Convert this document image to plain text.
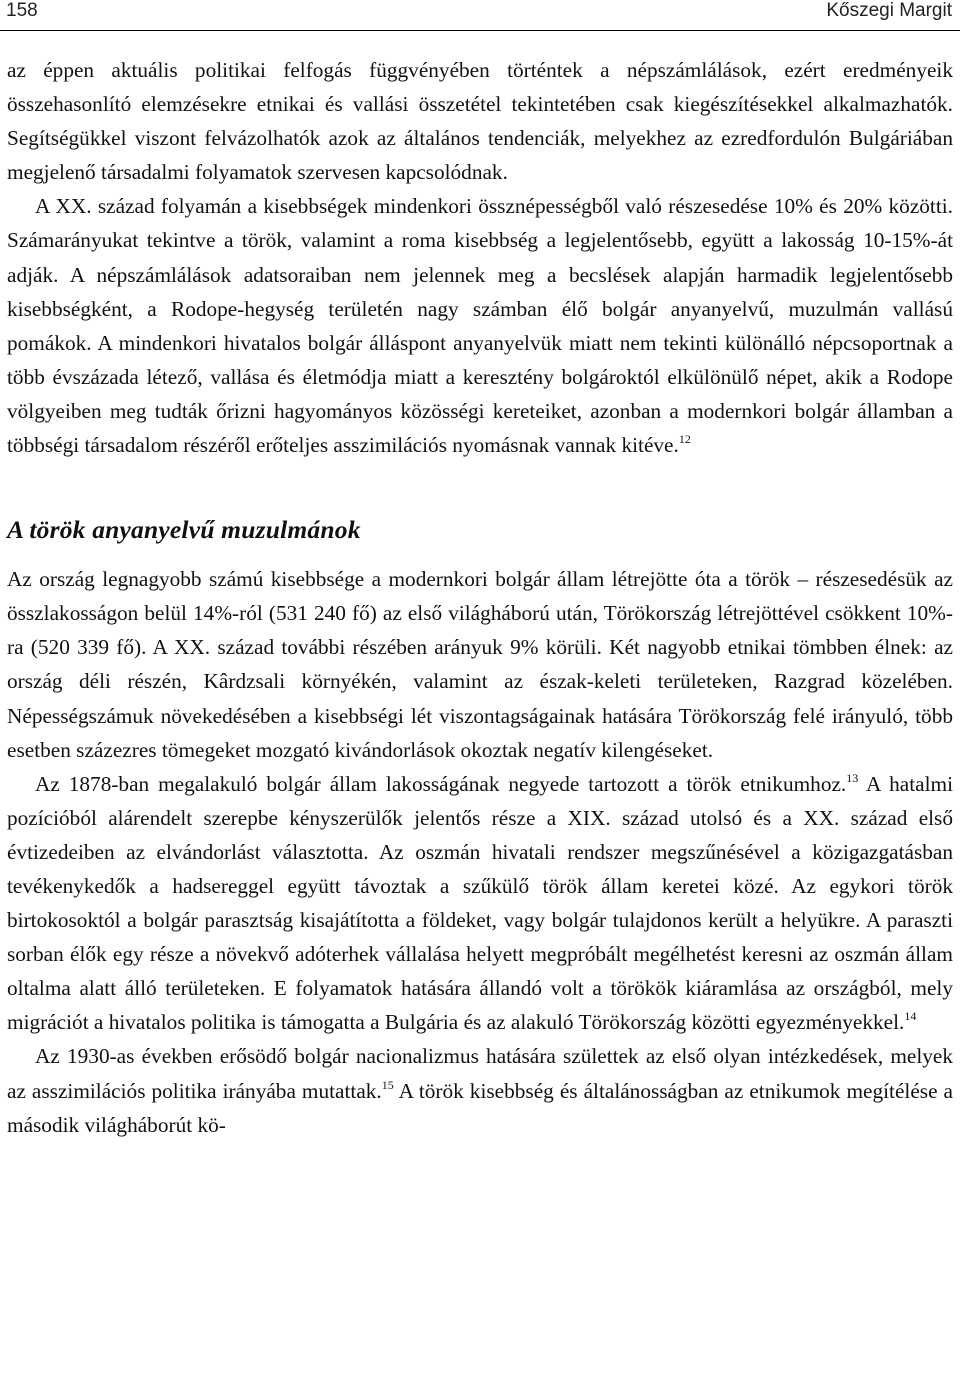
158	Kőszegi Margit

az éppen aktuális politikai felfogás függvényében történtek a népszámlálások, ezért eredményeik összehasonlító elemzésekre etnikai és vallási összetétel tekintetében csak kiegészítésekkel alkalmazhatók. Segítségükkel viszont felvázolhatók azok az általános tendenciák, melyekhez az ezredfordulón Bulgáriában megjelenő társadalmi folyamatok szervesen kapcsolódnak.

A XX. század folyamán a kisebbségek mindenkori össznépességből való részesedése 10% és 20% közötti. Számarányukat tekintve a török, valamint a roma kisebbség a legjelentősebb, együtt a lakosság 10-15%-át adják. A népszámlálások adatsoraiban nem jelennek meg a becslések alapján harmadik legjelentősebb kisebbségként, a Rodope-hegység területén nagy számban élő bolgár anyanyelvű, muzulmán vallású pomákok. A mindenkori hivatalos bolgár álláspont anyanyelvük miatt nem tekinti különálló népcsoportnak a több évszázada létező, vallása és életmódja miatt a keresztény bolgároktól elkülönülő népet, akik a Rodope völgyeiben meg tudták őrizni hagyományos közösségi kereteiket, azonban a modernkori bolgár államban a többségi társadalom részéről erőteljes asszimilációs nyomásnak vannak kitéve.$^{12}$

A török anyanyelvű muzulmánok

Az ország legnagyobb számú kisebbsége a modernkori bolgár állam létrejötte óta a török – részesedésük az összlakosságon belül 14%-ról (531 240 fő) az első világháború után, Törökország létrejöttével csökkent 10%-ra (520 339 fő). A XX. század további részében arányuk 9% körüli. Két nagyobb etnikai tömbben élnek: az ország déli részén, Kârdzsali környékén, valamint az észak-keleti területeken, Razgrad közelében. Népességszámuk növekedésében a kisebbségi lét viszontagságainak hatására Törökország felé irányuló, több esetben százezres tömegeket mozgató kivándorlások okoztak negatív kilengéseket.

Az 1878-ban megalakuló bolgár állam lakosságának negyede tartozott a török etnikumhoz.$^{13}$ A hatalmi pozícióból alárendelt szerepbe kényszerülők jelentős része a XIX. század utolsó és a XX. század első évtizedeiben az elvándorlást választotta. Az oszmán hivatali rendszer megszűnésével a közigazgatásban tevékenykedők a hadsereggel együtt távoztak a szűkülő török állam keretei közé. Az egykori török birtokosoktól a bolgár parasztság kisajátította a földeket, vagy bolgár tulajdonos került a helyükre. A paraszti sorban élők egy része a növekvő adóterhek vállalása helyett megpróbált megélhetést keresni az oszmán állam oltalma alatt álló területeken. E folyamatok hatására állandó volt a törökök kiáramlása az országból, mely migrációt a hivatalos politika is támogatta a Bulgária és az alakuló Törökország közötti egyezményekkel.$^{14}$

Az 1930-as években erősödő bolgár nacionalizmus hatására születtek az első olyan intézkedések, melyek az asszimilációs politika irányába mutattak.$^{15}$ A török kisebbség és általánosságban az etnikumok megítélése a második világháborút kö-
